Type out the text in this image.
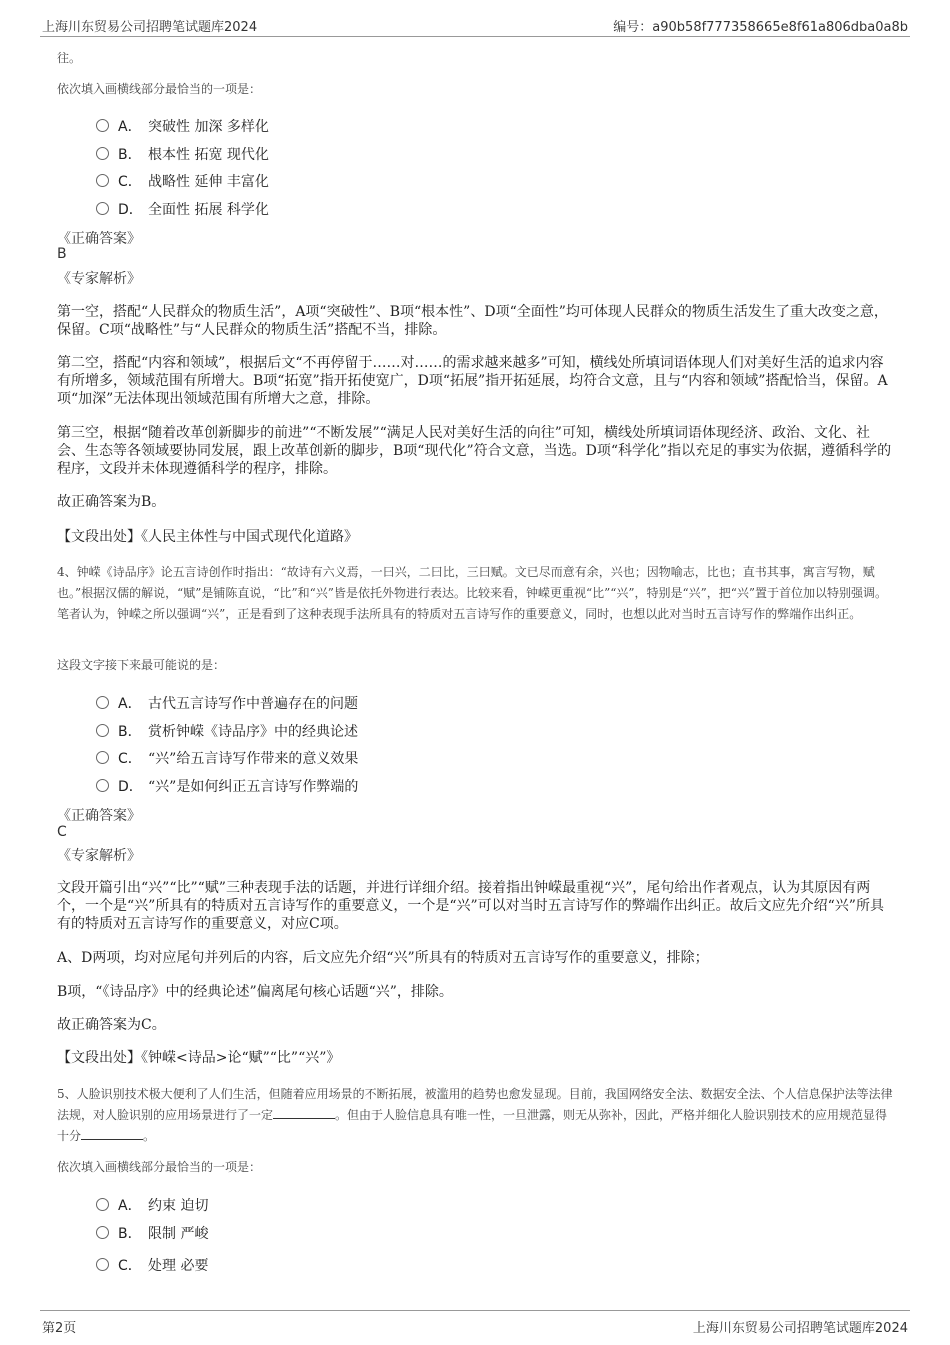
上海川东贸易公司招聘笔试题库2024	编号：a90b58f777358665e8f61a806dba0a8b
往。
依次填入画横线部分最恰当的一项是：
A． 突破性 加深 多样化
B． 根本性 拓宽 现代化
C． 战略性 延伸 丰富化
D． 全面性 拓展 科学化
《正确答案》
B
《专家解析》
第一空，搭配“人民群众的物质生活”，A项“突破性”、B项“根本性”、D项“全面性”均可体现人民群众的物质生活发生了重大改变之意，保留。C项“战略性”与“人民群众的物质生活”搭配不当，排除。
第二空，搭配“内容和领域”，根据后文“不再停留于……对……的需求越来越多”可知，横线处所填词语体现人们对美好生活的追求内容有所增多，领域范围有所增大。B项“拓宽”指开拓使宽广，D项“拓展”指开拓延展，均符合文意，且与“内容和领域”搭配恰当，保留。A项“加深”无法体现出领域范围有所增大之意，排除。
第三空，根据“随着改革创新脚步的前进”“不断发展”“满足人民对美好生活的向往”可知，横线处所填词语体现经济、政治、文化、社会、生态等各领域要协同发展，跟上改革创新的脚步，B项“现代化”符合文意，当选。D项“科学化”指以充足的事实为依据，遵循科学的程序，文段并未体现遵循科学的程序，排除。
故正确答案为B。
【文段出处】《人民主体性与中国式现代化道路》
4、钟嵘《诗品序》论五言诗创作时指出：“故诗有六义焉，一曰兴，二曰比，三曰赋。文已尽而意有余，兴也；因物喻志，比也；直书其事，寓言写物，赋也。”根据汉儒的解说，“赋”是铺陈直说，“比”和“兴”皆是依托外物进行表达。比较来看，钟嵘更重视“比”“兴”，特别是“兴”，把“兴”置于首位加以特别强调。笔者认为，钟嵘之所以强调“兴”，正是看到了这种表现手法所具有的特质对五言诗写作的重要意义，同时，也想以此对当时五言诗写作的弊端作出纠正。
这段文字接下来最可能说的是：
A． 古代五言诗写作中普遍存在的问题
B． 赏析钟嵘《诗品序》中的经典论述
C． “兴”给五言诗写作带来的意义效果
D． “兴”是如何纠正五言诗写作弊端的
《正确答案》
C
《专家解析》
文段开篇引出“兴”“比”“赋”三种表现手法的话题，并进行详细介绍。接着指出钟嵘最重视“兴”，尾句给出作者观点，认为其原因有两个，一个是“兴”所具有的特质对五言诗写作的重要意义，一个是“兴”可以对当时五言诗写作的弊端作出纠正。故后文应先介绍“兴”所具有的特质对五言诗写作的重要意义，对应C项。
A、D两项，均对应尾句并列后的内容，后文应先介绍“兴”所具有的特质对五言诗写作的重要意义，排除；
B项，“《诗品序》中的经典论述”偏离尾句核心话题“兴”，排除。
故正确答案为C。
【文段出处】《钟嵘<诗品>论“赋”“比”“兴”》
5、人脸识别技术极大便利了人们生活，但随着应用场景的不断拓展，被滥用的趋势也愈发显现。目前，我国网络安全法、数据安全法、个人信息保护法等法律法规，对人脸识别的应用场景进行了一定	。但由于人脸信息具有唯一性，一旦泄露，则无从弥补，因此，严格并细化人脸识别技术的应用规范显得十分	。
依次填入画横线部分最恰当的一项是：
A． 约束 迫切
B． 限制 严峻
C． 处理 必要
第2页	上海川东贸易公司招聘笔试题库2024
